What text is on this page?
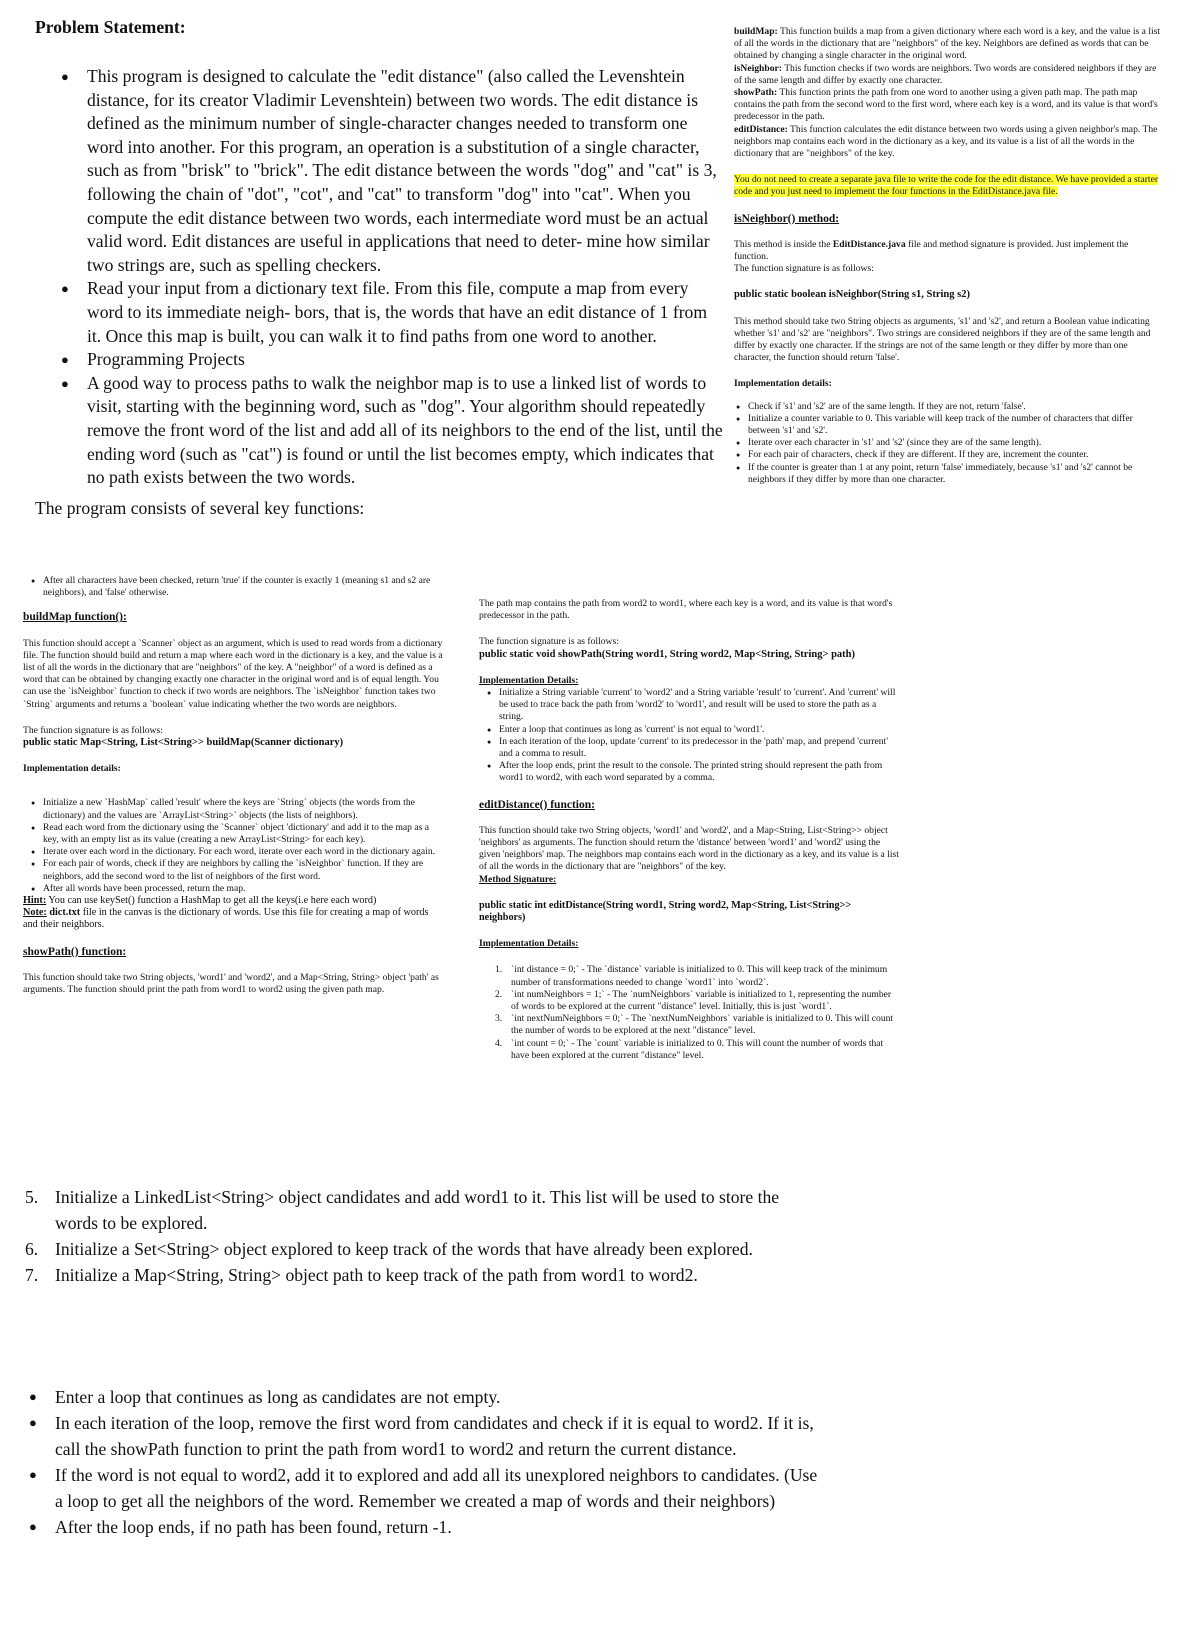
Problem Statement:
● This program is designed to calculate the "edit distance" (also called the Levenshtein distance, for its creator Vladimir Levenshtein) between two words. The edit distance is defined as the minimum number of single-character changes needed to transform one word into another. For this program, an operation is a substitution of a single character, such as from "brisk" to "brick". The edit distance between the words "dog" and "cat" is 3, following the chain of "dot", "cot", and "cat" to transform "dog" into "cat". When you compute the edit distance between two words, each intermediate word must be an actual valid word. Edit distances are useful in applications that need to deter- mine how similar two strings are, such as spelling checkers.
● Read your input from a dictionary text file. From this file, compute a map from every word to its immediate neigh- bors, that is, the words that have an edit distance of 1 from it. Once this map is built, you can walk it to find paths from one word to another.
● Programming Projects
● A good way to process paths to walk the neighbor map is to use a linked list of words to visit, starting with the beginning word, such as "dog". Your algorithm should repeatedly remove the front word of the list and add all of its neighbors to the end of the list, until the ending word (such as "cat") is found or until the list becomes empty, which indicates that no path exists between the two words.
The program consists of several key functions:

buildMap: This function builds a map from a given dictionary where each word is a key, and the value is a list of all the words in the dictionary that are "neighbors" of the key. Neighbors are defined as words that can be obtained by changing a single character in the original word.

isNeighbor: This function checks if two words are neighbors. Two words are considered neighbors if they are of the same length and differ by exactly one character.

showPath: This function prints the path from one word to another using a given path map. The path map contains the path from the second word to the first word, where each key is a word, and its value is that word's predecessor in the path.

editDistance: This function calculates the edit distance between two words using a given neighbor's map. The neighbors map contains each word in the dictionary as a key, and its value is a list of all the words in the dictionary that are "neighbors" of the key.

You do not need to create a separate java file to write the code for the edit distance. We have provided a starter code and you just need to implement the four functions in the EditDistance.java file.

isNeighbor() method:

This method is inside the EditDistance.java file and method signature is provided. Just implement the function.

The function signature is as follows:

public static boolean isNeighbor(String s1, String s2)

This method should take two String objects as arguments, 's1' and 's2', and return a Boolean value indicating whether 's1' and 's2' are "neighbors". Two strings are considered neighbors if they are of the same length and differ by exactly one character. If the strings are not of the same length or they differ by more than one character, the function should return 'false'.

Implementation details:

● Check if 's1' and 's2' are of the same length. If they are not, return 'false'.
● Initialize a counter variable to 0. This variable will keep track of the number of characters that differ between 's1' and 's2'.
● Iterate over each character in 's1' and 's2' (since they are of the same length).
● For each pair of characters, check if they are different. If they are, increment the counter.
● If the counter is greater than 1 at any point, return 'false' immediately, because 's1' and 's2' cannot be neighbors if they differ by more than one character.
● After all characters have been checked, return 'true' if the counter is exactly 1 (meaning s1 and s2 are neighbors), and 'false' otherwise.

buildMap function():

This function should accept a `Scanner` object as an argument, which is used to read words from a dictionary file. The function should build and return a map where each word in the dictionary is a key, and the value is a list of all the words in the dictionary that are "neighbors" of the key. A "neighbor" of a word is defined as a word that can be obtained by changing exactly one character in the original word and is of equal length. You can use the `isNeighbor` function to check if two words are neighbors. The `isNeighbor` function takes two `String` arguments and returns a `boolean` value indicating whether the two words are neighbors.

The function signature is as follows:

public static Map<String, List<String>> buildMap(Scanner dictionary)

Implementation details:

● Initialize a new `HashMap` called 'result' where the keys are `String` objects (the words from the dictionary) and the values are `ArrayList<String>` objects (the lists of neighbors).
● Read each word from the dictionary using the `Scanner` object 'dictionary' and add it to the map as a key, with an empty list as its value (creating a new ArrayList<String> for each key).
● Iterate over each word in the dictionary. For each word, iterate over each word in the dictionary again.
● For each pair of words, check if they are neighbors by calling the `isNeighbor` function. If they are neighbors, add the second word to the list of neighbors of the first word.
● After all words have been processed, return the map.

Hint: You can use keySet() function a HashMap to get all the keys(i.e here each word)

Note: dict.txt file in the canvas is the dictionary of words. Use this file for creating a map of words and their neighbors.

showPath() function:

This function should take two String objects, 'word1' and 'word2', and a Map<String, String> object 'path' as arguments. The function should print the path from word1 to word2 using the given path map.

The path map contains the path from word2 to word1, where each key is a word, and its value is that word's predecessor in the path.

The function signature is as follows:

public static void showPath(String word1, String word2, Map<String, String> path)

Implementation Details:

● Initialize a String variable 'current' to 'word2' and a String variable 'result' to 'current'. And 'current' will be used to trace back the path from 'word2' to 'word1', and result will be used to store the path as a string.
● Enter a loop that continues as long as 'current' is not equal to 'word1'.
● In each iteration of the loop, update 'current' to its predecessor in the 'path' map, and prepend 'current' and a comma to result.
● After the loop ends, print the result to the console. The printed string should represent the path from word1 to word2, with each word separated by a comma.

editDistance() function:

This function should take two String objects, 'word1' and 'word2', and a Map<String, List<String>> object 'neighbors' as arguments. The function should return the 'distance' between 'word1' and 'word2' using the given 'neighbors' map. The neighbors map contains each word in the dictionary as a key, and its value is a list of all the words in the dictionary that are "neighbors" of the key.

Method Signature:

public static int editDistance(String word1, String word2, Map<String, List<String>> neighbors)

Implementation Details:

1. `int distance = 0;` - The `distance` variable is initialized to 0. This will keep track of the minimum number of transformations needed to change `word1` into `word2`.
2. `int numNeighbors = 1;` - The `numNeighbors` variable is initialized to 1, representing the number of words to be explored at the current "distance" level. Initially, this is just `word1`.
3. `int nextNumNeighbors = 0;` - The `nextNumNeighbors` variable is initialized to 0. This will count the number of words to be explored at the next "distance" level.
4. `int count = 0;` - The `count` variable is initialized to 0. This will count the number of words that have been explored at the current "distance" level.
5. Initialize a LinkedList<String> object candidates and add word1 to it. This list will be used to store the words to be explored.
6. Initialize a Set<String> object explored to keep track of the words that have already been explored.
7. Initialize a Map<String, String> object path to keep track of the path from word1 to word2.
● Enter a loop that continues as long as candidates are not empty.
● In each iteration of the loop, remove the first word from candidates and check if it is equal to word2. If it is, call the showPath function to print the path from word1 to word2 and return the current distance.
● If the word is not equal to word2, add it to explored and add all its unexplored neighbors to candidates. (Use a loop to get all the neighbors of the word. Remember we created a map of words and their neighbors)
● After the loop ends, if no path has been found, return -1.
